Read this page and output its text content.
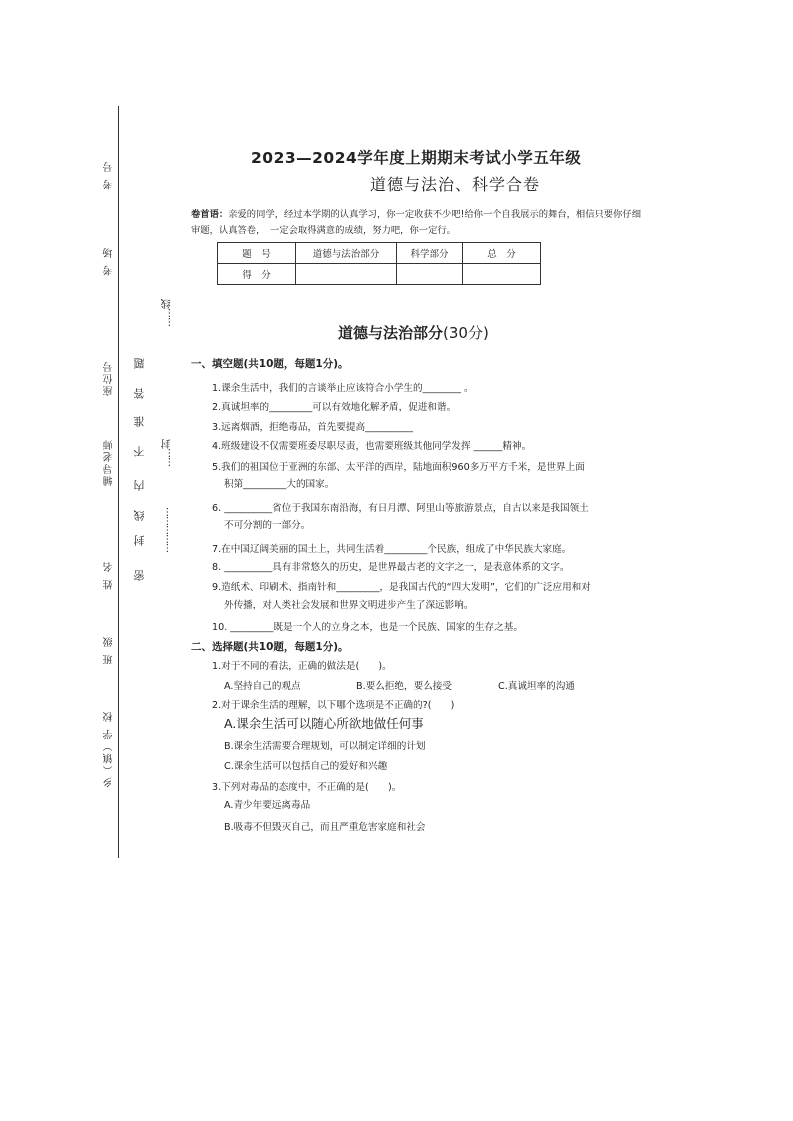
考 号
考 场
座位号
辅导老师
姓 名
班 级
乡（镇）学 校
密
封
线
内
不
准
答
题
……线
……封
……………
2023—2024学年度上期期末考试小学五年级
道德与法治、科学合卷
卷首语：亲爱的同学，经过本学期的认真学习，你一定收获不少吧!给你一个自我展示的舞台，相信只要你仔细审题，认真答卷，　一定会取得满意的成绩，努力吧，你一定行。
题　号	道德与法治部分	科学部分	总　分
得　分			
道德与法治部分(30分)
一、填空题(共10题，每题1分)。
1.课余生活中，我们的言谈举止应该符合小学生的________ 。
2.真诚坦率的_________可以有效地化解矛盾，促进和谐。
3.远离烟酒，拒绝毒品，首先要提高__________
4.班级建设不仅需要班委尽职尽责，也需要班级其他同学发挥 ______精神。
5.我们的祖国位于亚洲的东部、太平洋的西岸，陆地面积960多万平方千米，是世界上面
积第_________大的国家。
6. __________省位于我国东南沿海，有日月潭、阿里山等旅游景点，自古以来是我国领土
不可分割的一部分。
7.在中国辽阔美丽的国土上，共同生活着_________个民族，组成了中华民族大家庭。
8. __________具有非常悠久的历史，是世界最古老的文字之一，是表意体系的文字。
9.造纸术、印刷术、指南针和_________，是我国古代的“四大发明”，它们的广泛应用和对
外传播，对人类社会发展和世界文明进步产生了深远影响。
10. _________既是一个人的立身之本，也是一个民族、国家的生存之基。
二、选择题(共10题，每题1分)。
1.对于不同的看法，正确的做法是(　　)。
A.坚持自己的观点	B.要么拒绝，要么接受	C.真诚坦率的沟通
2.对于课余生活的理解，以下哪个选项是不正确的?(　　)
A.课余生活可以随心所欲地做任何事
B.课余生活需要合理规划，可以制定详细的计划
C.课余生活可以包括自己的爱好和兴趣
3.下列对毒品的态度中，不正确的是(　　)。
A.青少年要远离毒品
B.吸毒不但毁灭自己，而且严重危害家庭和社会
